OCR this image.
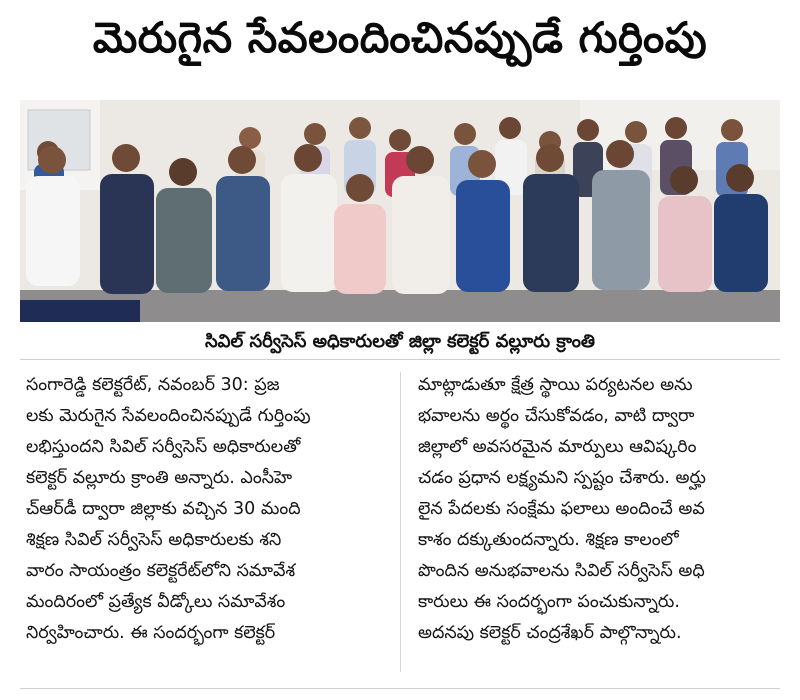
మెరుగైన సేవలందించినప్పుడే గుర్తింపు
సివిల్‌ సర్వీసెస్‌ అధికారులతో జిల్లా కలెక్టర్‌ వల్లూరు క్రాంతి
సంగారెడ్డి కలెక్టరేట్‌, నవంబర్‌ 30: ప్రజ
లకు మెరుగైన సేవలందించినప్పుడే గుర్తింపు
లభిస్తుందని సివిల్‌ సర్వీసెస్‌ అధికారులతో
కలెక్టర్‌ వల్లూరు క్రాంతి అన్నారు. ఎంసీహె
చ్‌ఆర్‌డీ ద్వారా జిల్లాకు వచ్చిన 30 మంది
శిక్షణ సివిల్‌ సర్వీసెస్‌ అధికారులకు శని
వారం సాయంత్రం కలెక్టరేట్‌లోని సమావేశ
మందిరంలో ప్రత్యేక వీడ్కోలు సమావేశం
నిర్వహించారు. ఈ సందర్భంగా కలెక్టర్‌
మాట్లాడుతూ క్షేత్ర స్థాయి పర్యటనల అను
భవాలను అర్థం చేసుకోవడం, వాటి ద్వారా
జిల్లాలో అవసరమైన మార్పులు ఆవిష్కరిం
చడం ప్రధాన లక్ష్యమని స్పష్టం చేశారు. అర్హు
లైన పేదలకు సంక్షేమ ఫలాలు అందించే అవ
కాశం దక్కుతుందన్నారు. శిక్షణ కాలంలో
పొందిన అనుభవాలను సివిల్‌ సర్వీసెస్‌ అధి
కారులు ఈ సందర్భంగా పంచుకున్నారు.
అదనపు కలెక్టర్‌ చంద్రశేఖర్‌ పాల్గొన్నారు.
